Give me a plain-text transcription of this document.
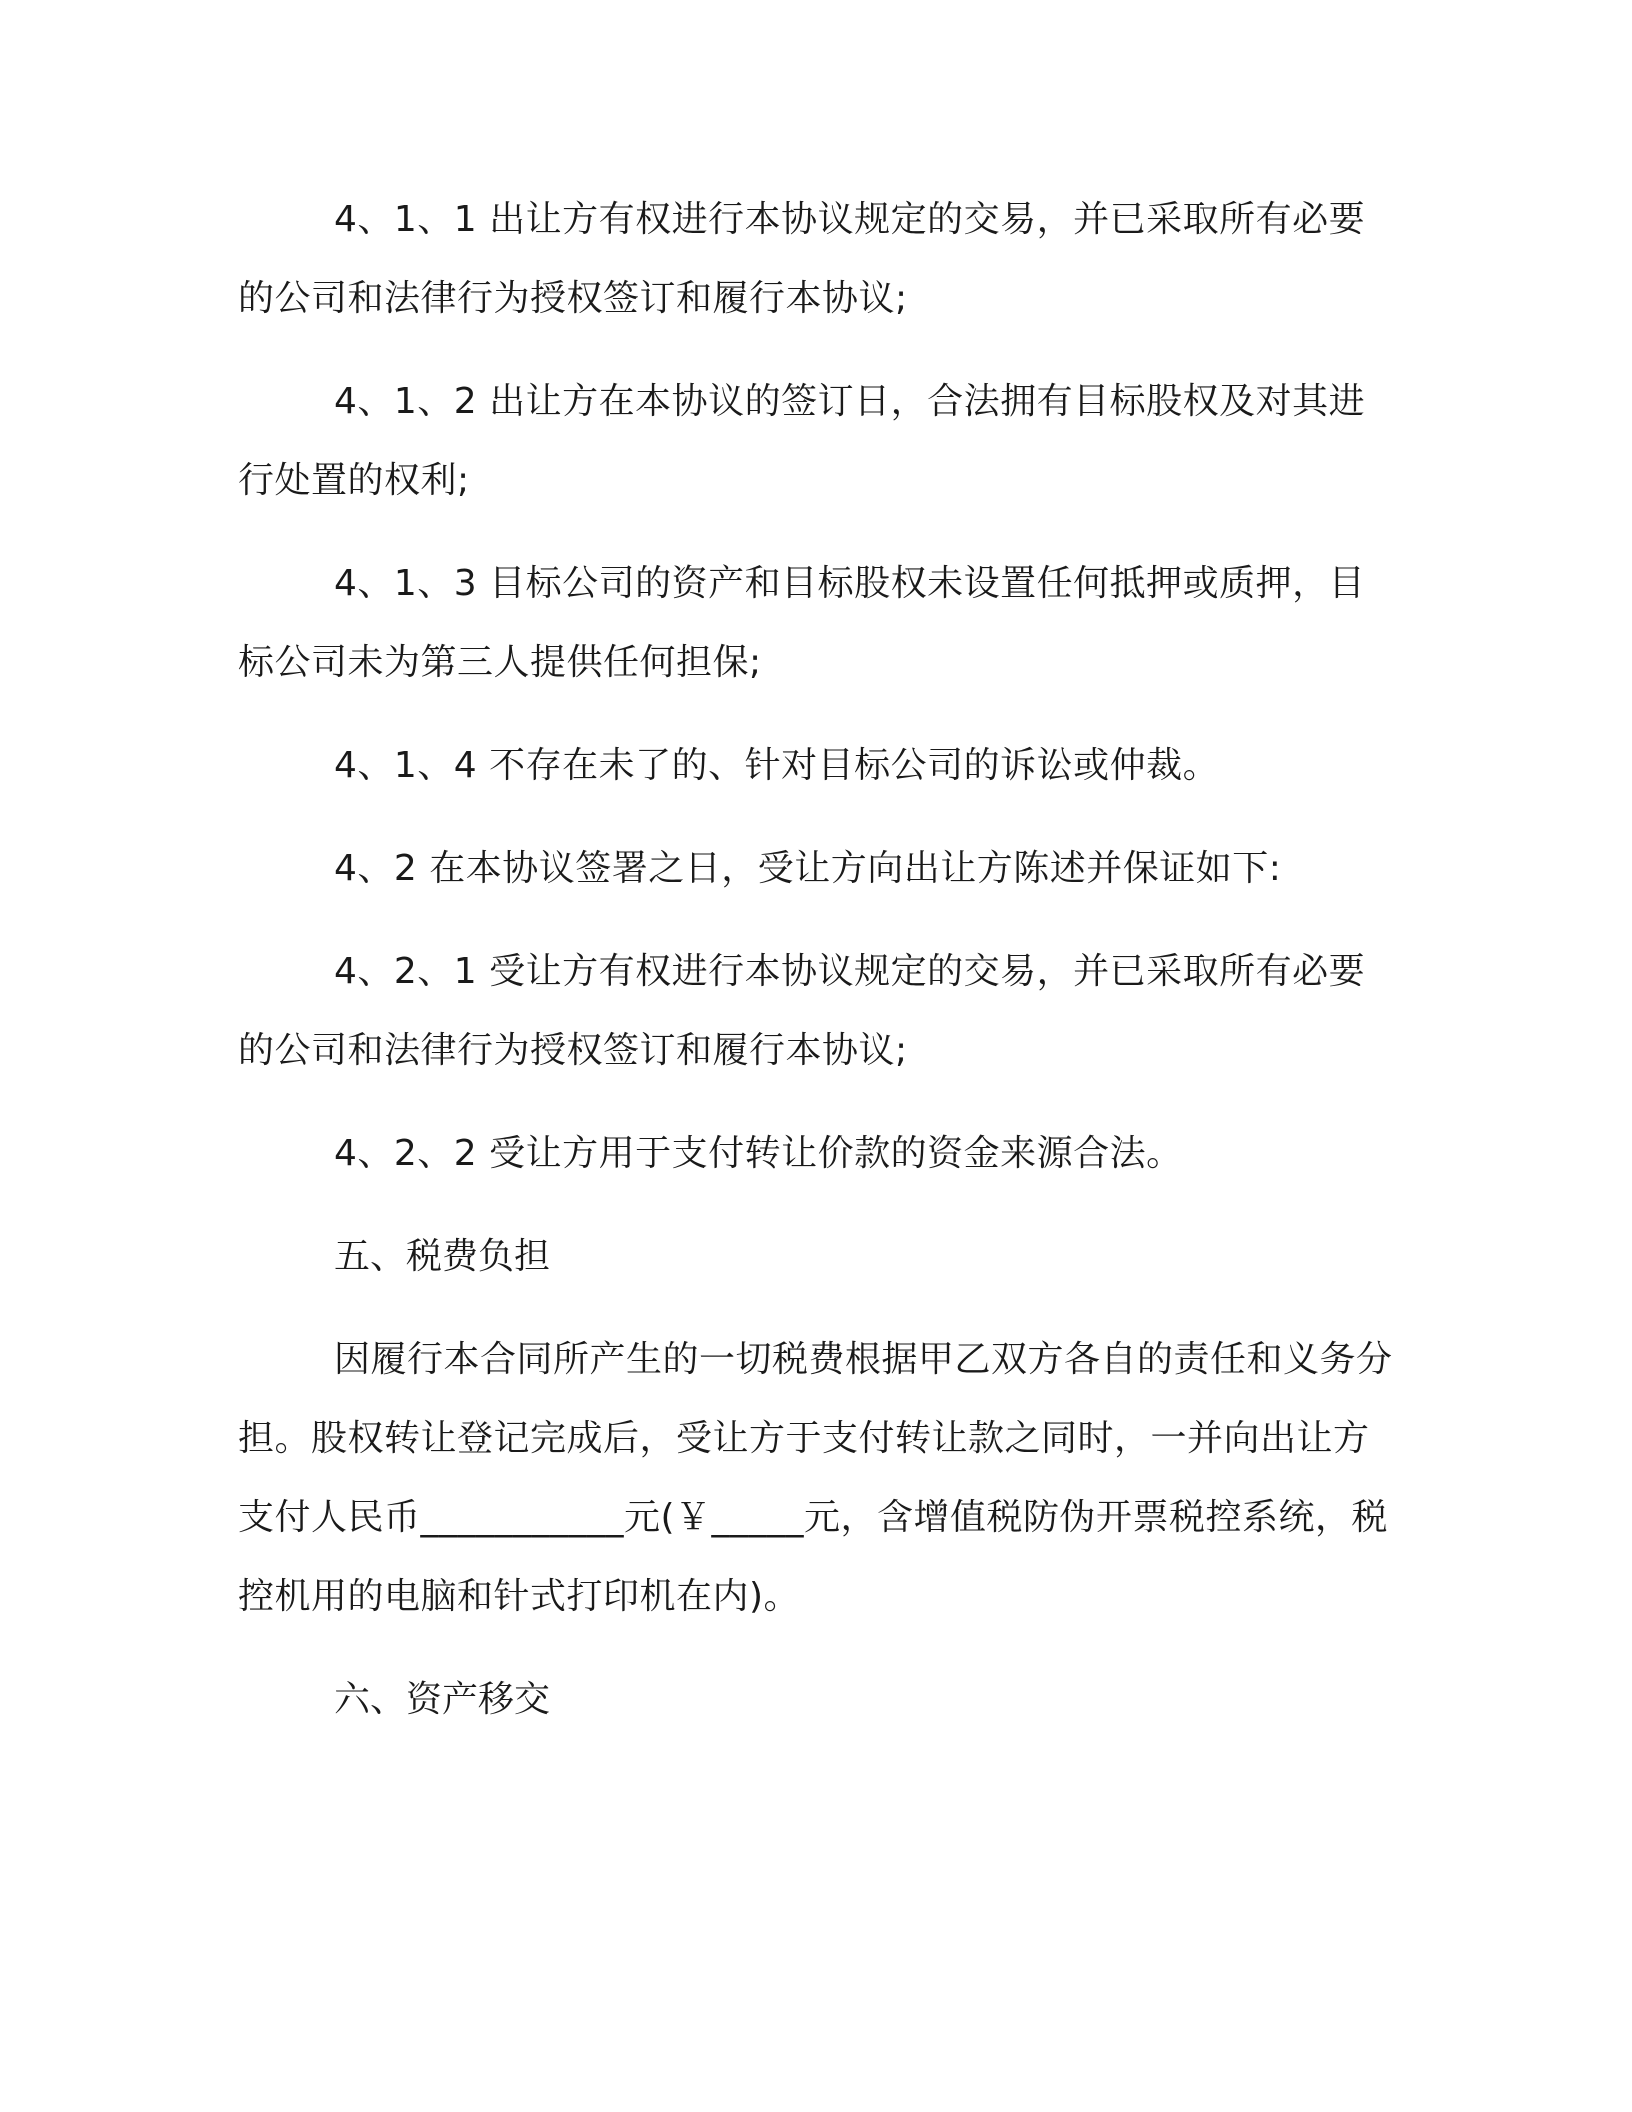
4、1、1 出让方有权进行本协议规定的交易，并已采取所有必要的公司和法律行为授权签订和履行本协议;

4、1、2 出让方在本协议的签订日，合法拥有目标股权及对其进行处置的权利;

4、1、3 目标公司的资产和目标股权未设置任何抵押或质押，目标公司未为第三人提供任何担保;

4、1、4 不存在未了的、针对目标公司的诉讼或仲裁。

4、2 在本协议签署之日，受让方向出让方陈述并保证如下:

4、2、1 受让方有权进行本协议规定的交易，并已采取所有必要的公司和法律行为授权签订和履行本协议;

4、2、2 受让方用于支付转让价款的资金来源合法。

五、税费负担

因履行本合同所产生的一切税费根据甲乙双方各自的责任和义务分担。股权转让登记完成后，受让方于支付转让款之同时，一并向出让方支付人民币___________元(￥_____元，含增值税防伪开票税控系统，税控机用的电脑和针式打印机在内)。

六、资产移交
